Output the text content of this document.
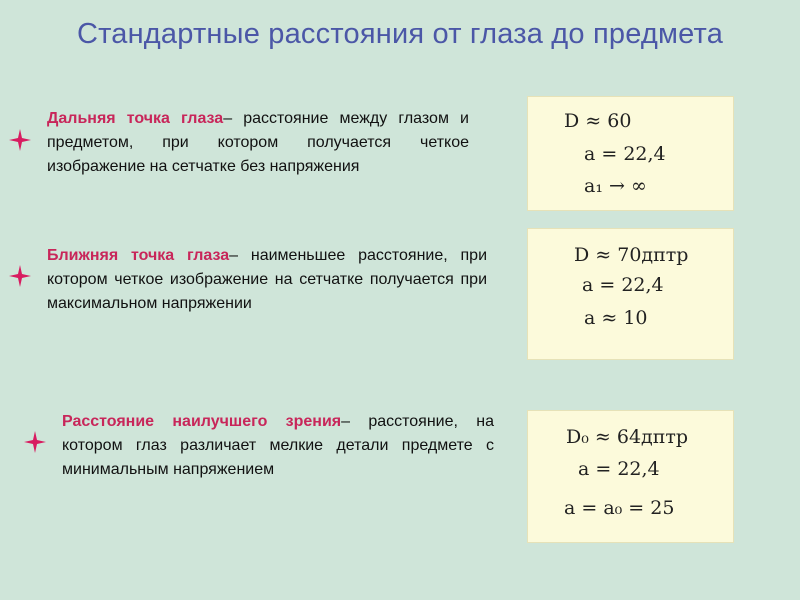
Стандартные расстояния от глаза до предмета
Дальняя точка глаза– расстояние между глазом и предметом, при котором получается четкое изображение на сетчатке без напряжения
D ≈ 60
a = 22,4
a₁ → ∞
Ближняя точка глаза– наименьшее расстояние, при котором четкое изображение на сетчатке получается при максимальном напряжении
D ≈ 70дптр
a = 22,4
a ≈ 10
Расстояние наилучшего зрения– расстояние, на котором глаз различает мелкие детали предмете с минимальным напряжением
D₀ ≈ 64дптр
a = 22,4
a = a₀ = 25
